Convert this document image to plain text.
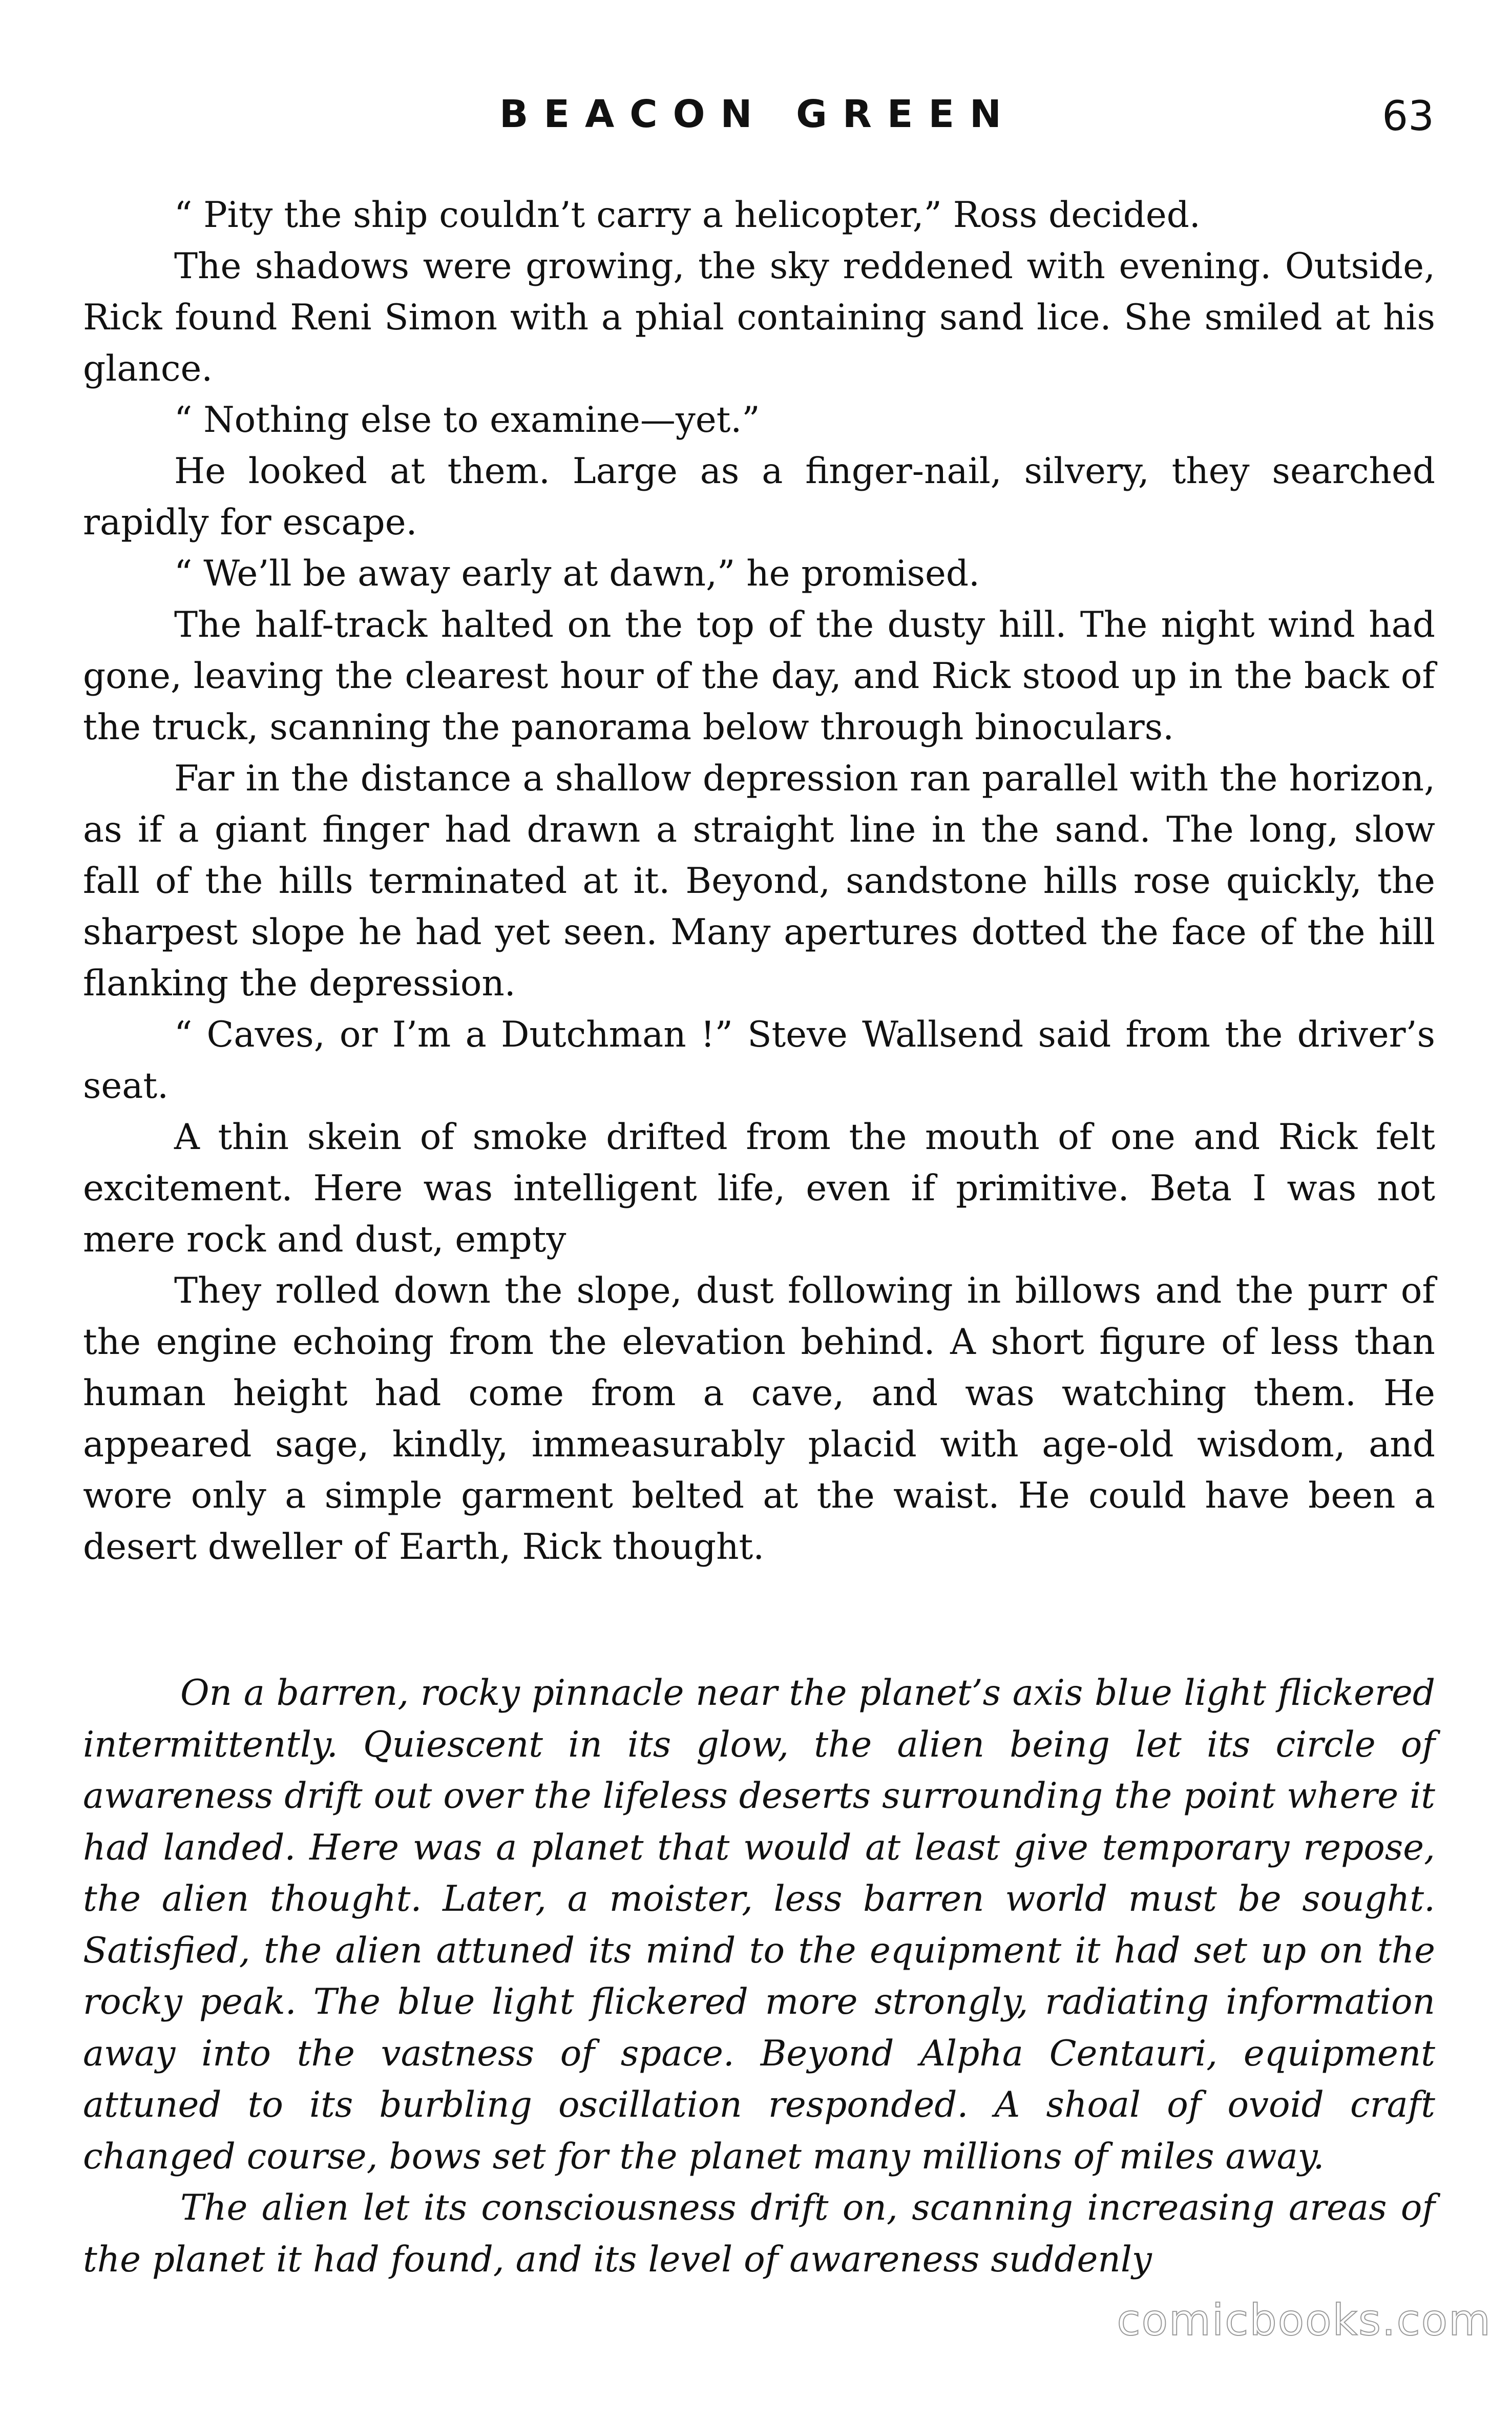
BEACON GREEN	63

“ Pity the ship couldn’t carry a helicopter,” Ross decided.

The shadows were growing, the sky reddened with evening. Outside, Rick found Reni Simon with a phial containing sand lice. She smiled at his glance.

“ Nothing else to examine—yet.”

He looked at them. Large as a finger-nail, silvery, they searched rapidly for escape.

“ We’ll be away early at dawn,” he promised.

The half-track halted on the top of the dusty hill. The night wind had gone, leaving the clearest hour of the day, and Rick stood up in the back of the truck, scanning the panorama below through binoculars.

Far in the distance a shallow depression ran parallel with the horizon, as if a giant finger had drawn a straight line in the sand. The long, slow fall of the hills terminated at it. Beyond, sandstone hills rose quickly, the sharpest slope he had yet seen. Many apertures dotted the face of the hill flanking the depression.

“ Caves, or I’m a Dutchman !” Steve Wallsend said from the driver’s seat.

A thin skein of smoke drifted from the mouth of one and Rick felt excitement. Here was intelligent life, even if primitive. Beta I was not mere rock and dust, empty

They rolled down the slope, dust following in billows and the purr of the engine echoing from the elevation behind. A short figure of less than human height had come from a cave, and was watching them. He appeared sage, kindly, immeasurably placid with age-old wisdom, and wore only a simple garment belted at the waist. He could have been a desert dweller of Earth, Rick thought.

On a barren, rocky pinnacle near the planet’s axis blue light flickered intermittently. Quiescent in its glow, the alien being let its circle of awareness drift out over the lifeless deserts surrounding the point where it had landed. Here was a planet that would at least give temporary repose, the alien thought. Later, a moister, less barren world must be sought. Satisfied, the alien attuned its mind to the equipment it had set up on the rocky peak. The blue light flickered more strongly, radiating information away into the vastness of space. Beyond Alpha Centauri, equipment attuned to its burbling oscillation responded. A shoal of ovoid craft changed course, bows set for the planet many millions of miles away.

The alien let its consciousness drift on, scanning increasing areas of the planet it had found, and its level of awareness suddenly

comicbooks.com
